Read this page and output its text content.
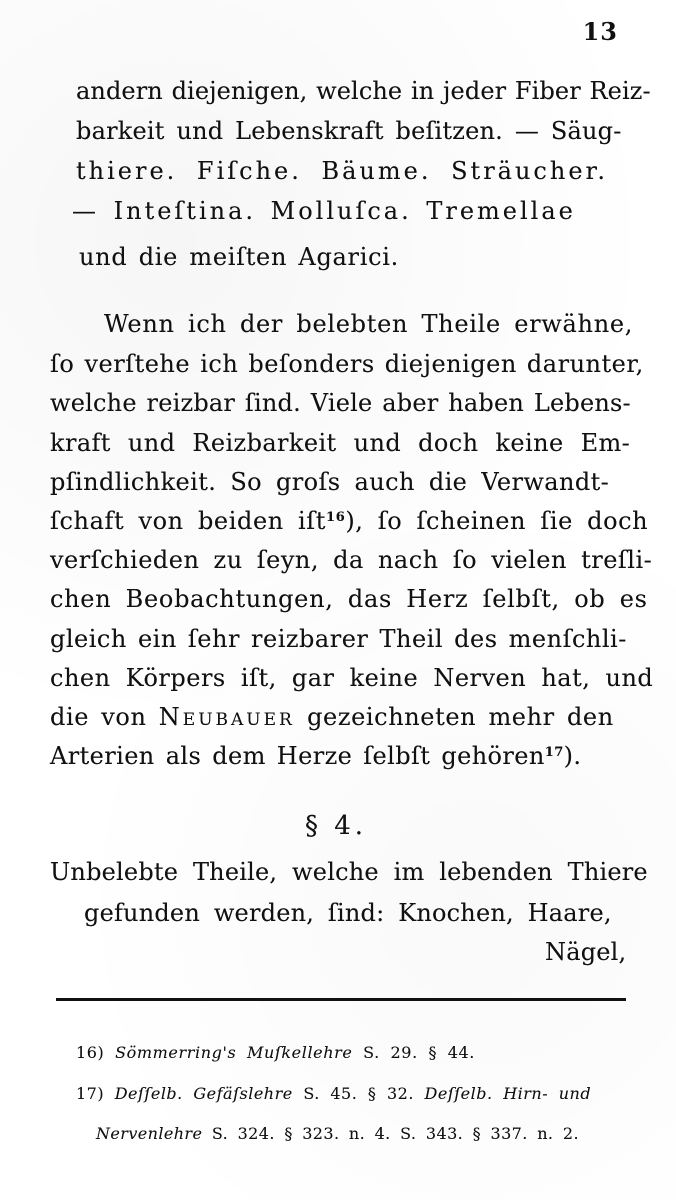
13
andern diejenigen, welche in jeder Fiber Reiz-
barkeit und Lebenskraft beſitzen. — Säug-
thiere. Fiſche. Bäume. Sträucher.
— Inteſtina. Molluſca. Tremellae
und die meiſten Agarici.
Wenn ich der belebten Theile erwähne,
ſo verſtehe ich beſonders diejenigen darunter,
welche reizbar ſind. Viele aber haben Lebens-
kraft und Reizbarkeit und doch keine Em-
pſindlichkeit. So groſs auch die Verwandt-
ſchaft von beiden iſt$^{16}$), ſo ſcheinen ſie doch
verſchieden zu ſeyn, da nach ſo vielen treſli-
chen Beobachtungen, das Herz ſelbſt, ob es
gleich ein ſehr reizbarer Theil des menſchli-
chen Körpers iſt, gar keine Nerven hat, und
die von Neubauer gezeichneten mehr den
Arterien als dem Herze ſelbſt gehören$^{17}$).
§ 4.
Unbelebte Theile, welche im lebenden Thiere
gefunden werden, ſind: Knochen, Haare,
Nägel,
16) Sömmerring's Muſkellehre S. 29. § 44.
17) Deſſelb. Gefäſslehre S. 45. § 32. Deſſelb. Hirn- und
Nervenlehre S. 324. § 323. n. 4. S. 343. § 337. n. 2.
